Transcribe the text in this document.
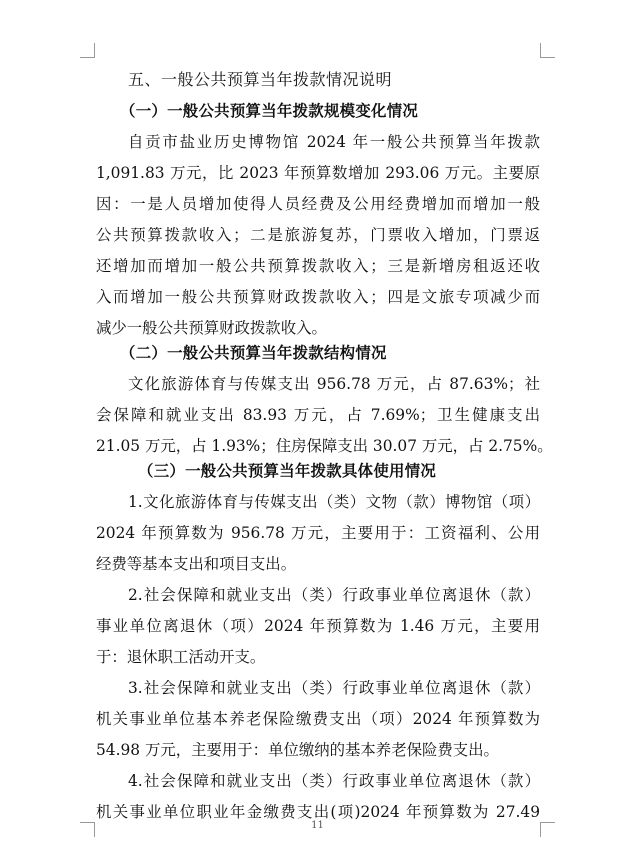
五、一般公共预算当年拨款情况说明
（一）一般公共预算当年拨款规模变化情况
自贡市盐业历史博物馆 2024 年一般公共预算当年拨款
1,091.83 万元，比 2023 年预算数增加 293.06 万元。主要原
因：一是人员增加使得人员经费及公用经费增加而增加一般
公共预算拨款收入；二是旅游复苏，门票收入增加，门票返
还增加而增加一般公共预算拨款收入；三是新增房租返还收
入而增加一般公共预算财政拨款收入；四是文旅专项减少而
减少一般公共预算财政拨款收入。
（二）一般公共预算当年拨款结构情况
文化旅游体育与传媒支出 956.78 万元，占 87.63%；社
会保障和就业支出 83.93 万元，占 7.69%；卫生健康支出
21.05 万元，占 1.93%；住房保障支出 30.07 万元，占 2.75%。
（三）一般公共预算当年拨款具体使用情况
1.文化旅游体育与传媒支出（类）文物（款）博物馆（项）
2024 年预算数为 956.78 万元，主要用于：工资福利、公用
经费等基本支出和项目支出。
2.社会保障和就业支出（类）行政事业单位离退休（款）
事业单位离退休（项）2024 年预算数为 1.46 万元，主要用
于：退休职工活动开支。
3.社会保障和就业支出（类）行政事业单位离退休（款）
机关事业单位基本养老保险缴费支出（项）2024 年预算数为
54.98 万元，主要用于：单位缴纳的基本养老保险费支出。
4.社会保障和就业支出（类）行政事业单位离退休（款）
机关事业单位职业年金缴费支出(项)2024 年预算数为 27.49
11
